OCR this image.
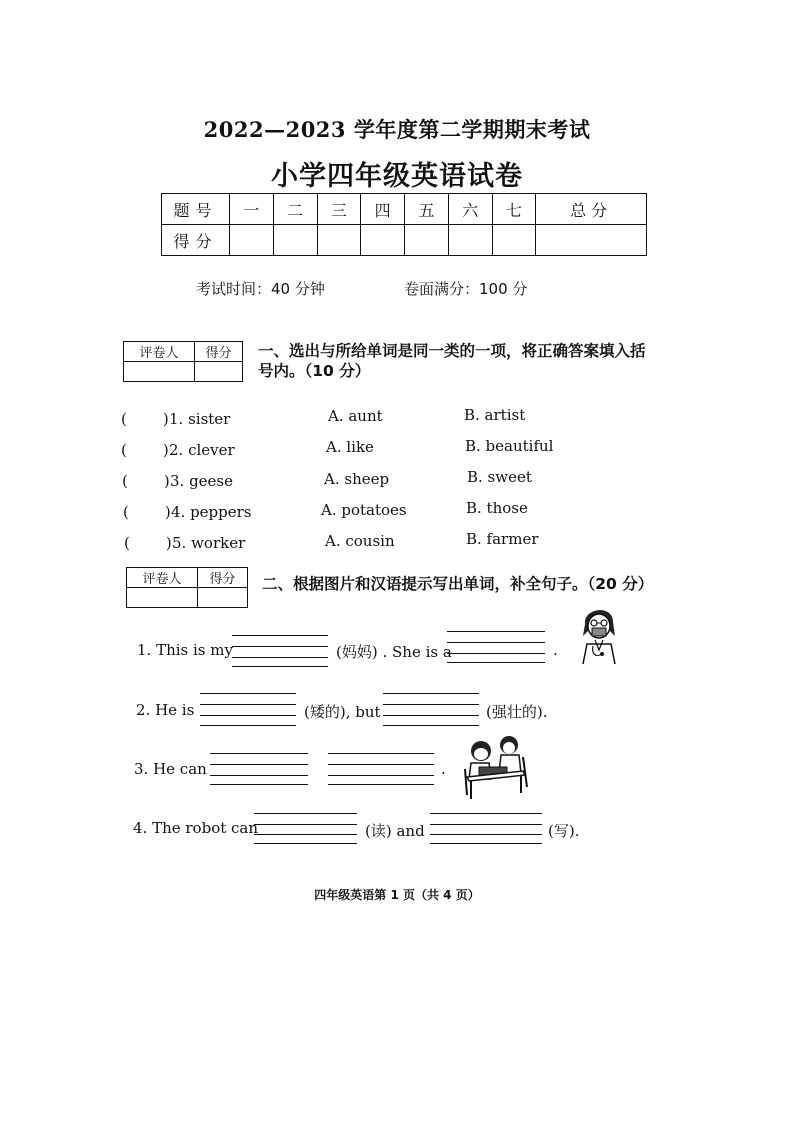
2022—2023 学年度第二学期期末考试
小学四年级英语试卷
题号	一	二	三	四	五	六	七	总分
得分								
考试时间：40 分钟	卷面满分：100 分
评卷人	得分
	一、选出与所给单词是同一类的一项，将正确答案填入括
号内。（10 分）
( )1. sister	A. aunt	B. artist
( )2. clever	A. like	B. beautiful
( )3. geese	A. sheep	B. sweet
( )4. peppers	A. potatoes	B. those
( )5. worker	A. cousin	B. farmer
评卷人	得分
	二、根据图片和汉语提示写出单词，补全句子。（20 分）
1. This is my	(妈妈) . She is a	.
2. He is	(矮的), but	(强壮的).
3. He can	.
4. The robot can	(读) and	(写).
四年级英语第 1 页（共 4 页）
